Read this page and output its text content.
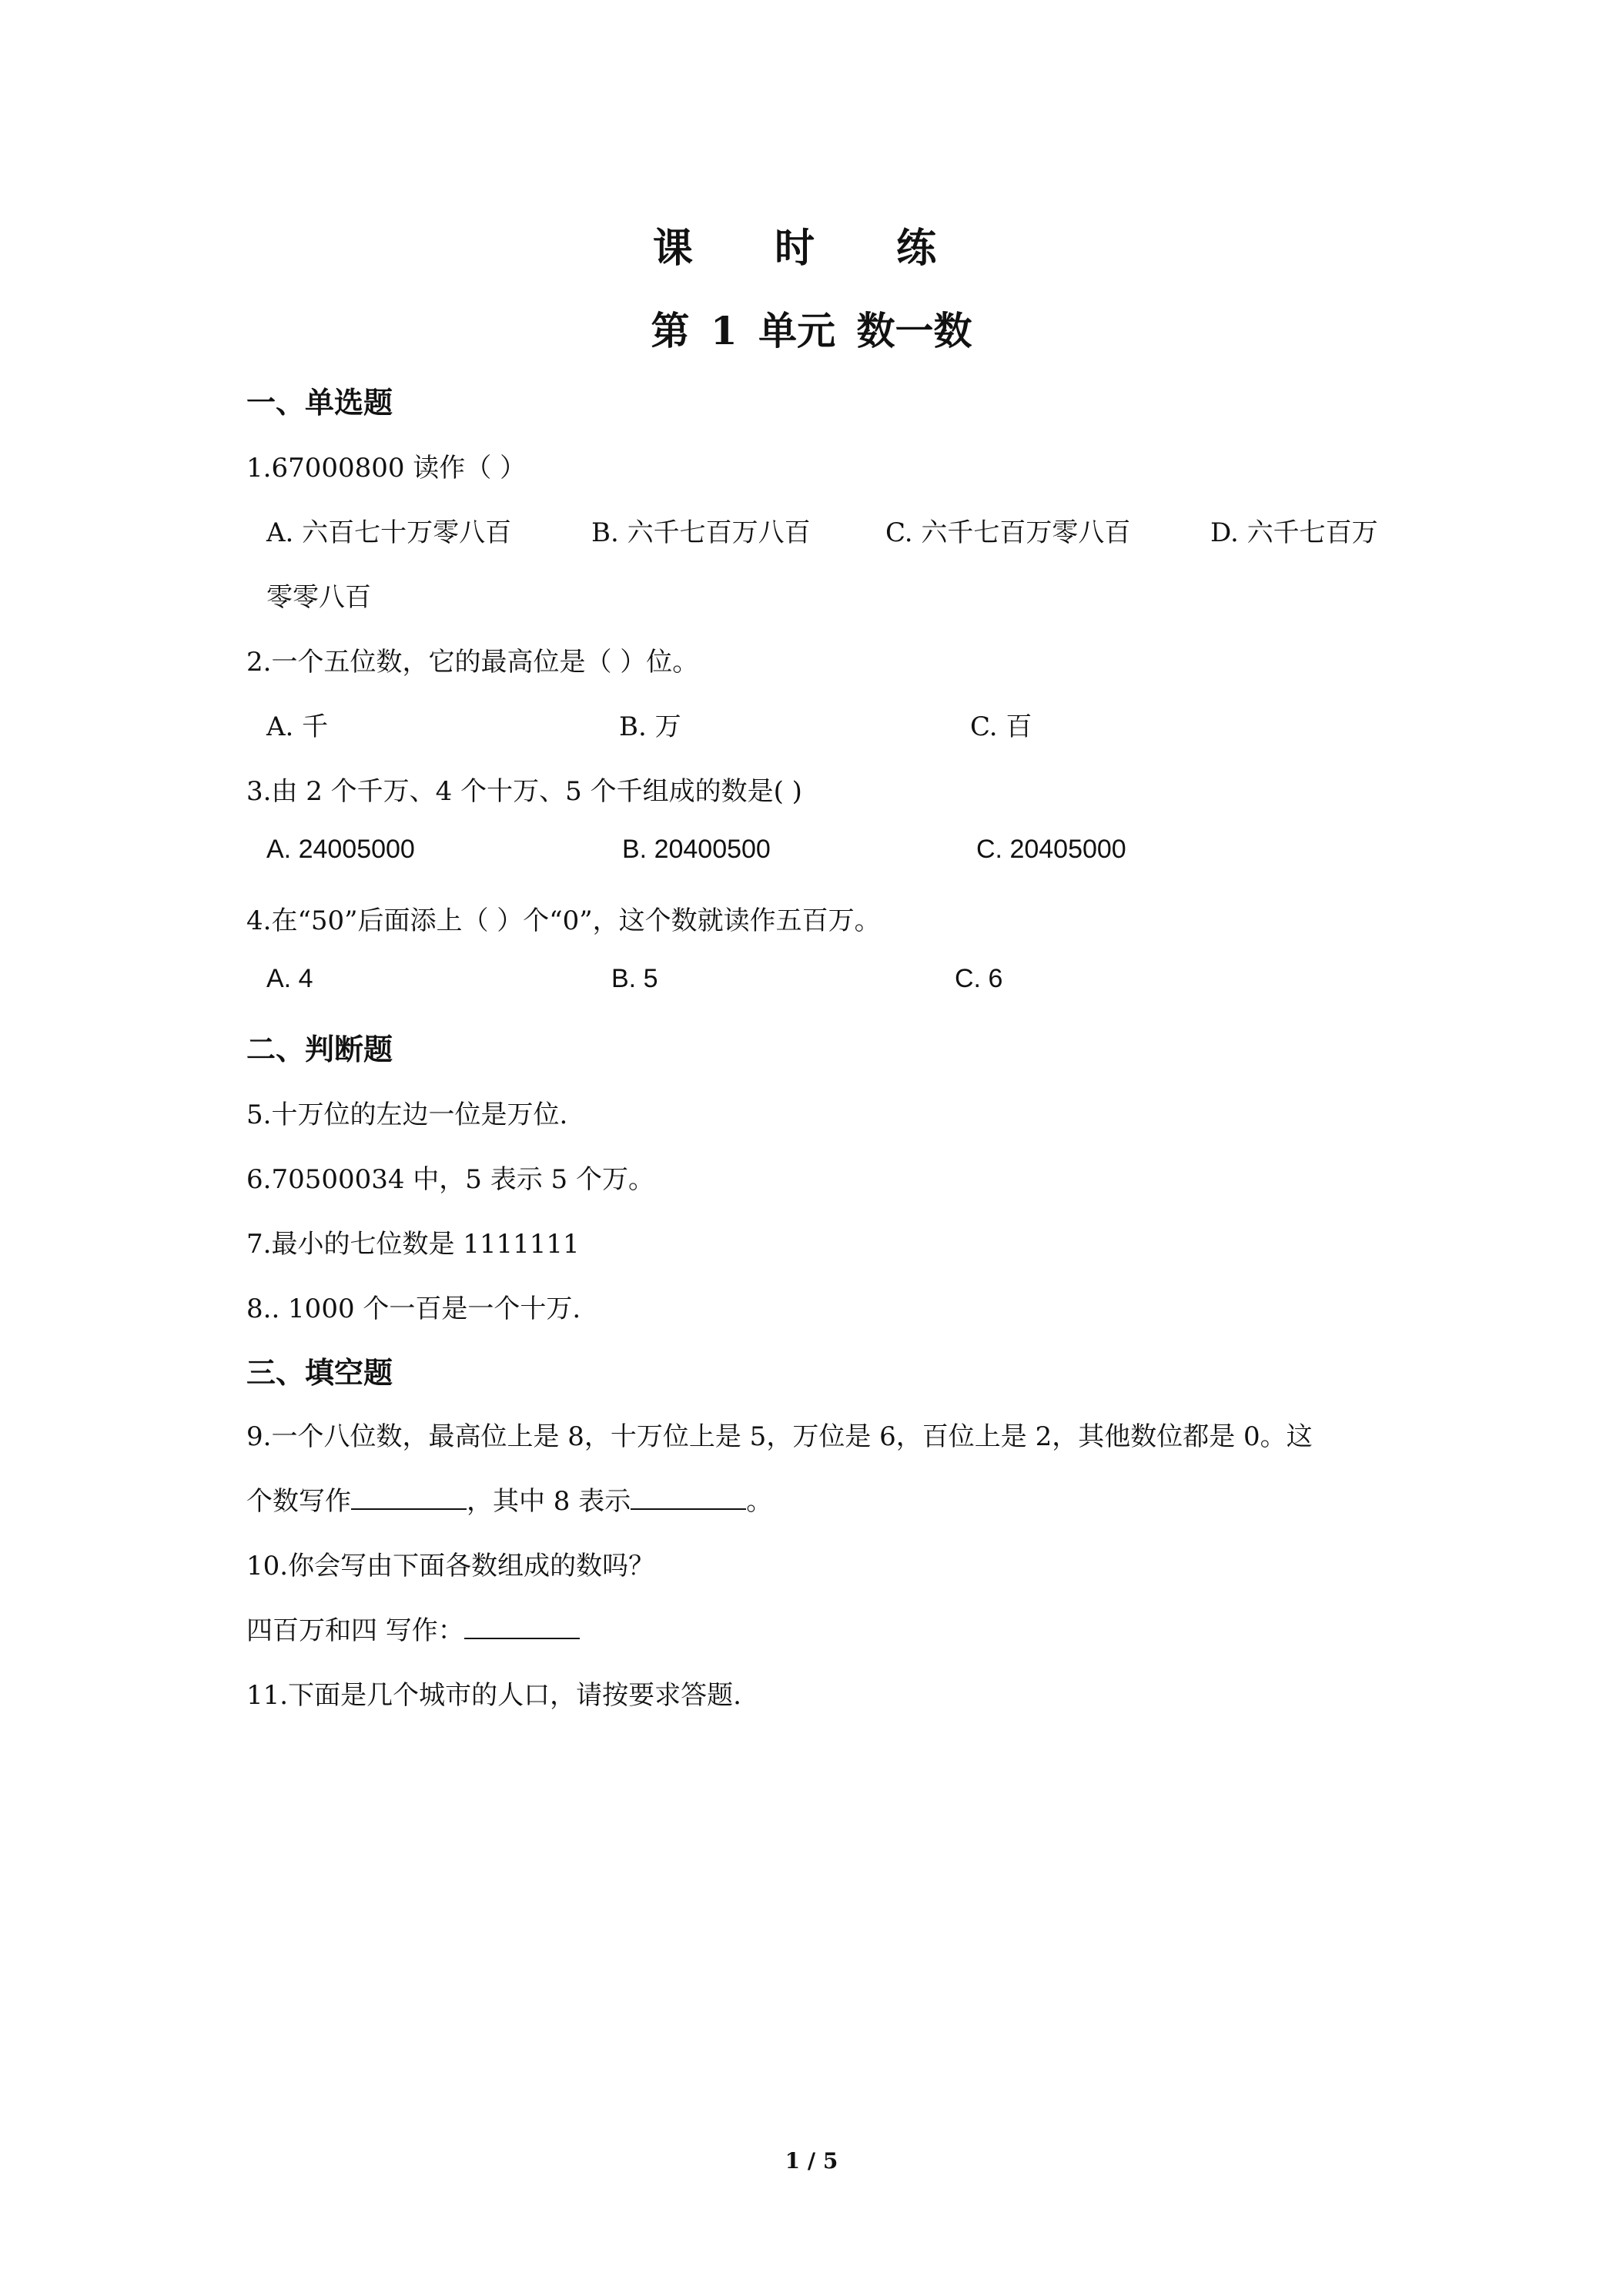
课 时 练
第 1 单元 数一数
一、单选题
1.67000800 读作（ ）
A. 六百七十万零八百	B. 六千七百万八百	C. 六千七百万零八百	D. 六千七百万
零零八百
2.一个五位数，它的最高位是（ ）位。
A. 千	B. 万	C. 百
3.由 2 个千万、4 个十万、5 个千组成的数是( )
A. 24005000	B. 20400500	C. 20405000
4.在“50”后面添上（ ）个“0”，这个数就读作五百万。
A. 4	B. 5	C. 6
二、判断题
5.十万位的左边一位是万位.
6.70500034 中，5 表示 5 个万。
7.最小的七位数是 1111111
8.. 1000 个一百是一个十万.
三、填空题
9.一个八位数，最高位上是 8，十万位上是 5，万位是 6，百位上是 2，其他数位都是 0。这
个数写作	，其中 8 表示	。
10.你会写由下面各数组成的数吗？
四百万和四 写作：
11.下面是几个城市的人口，请按要求答题.
1 / 5
